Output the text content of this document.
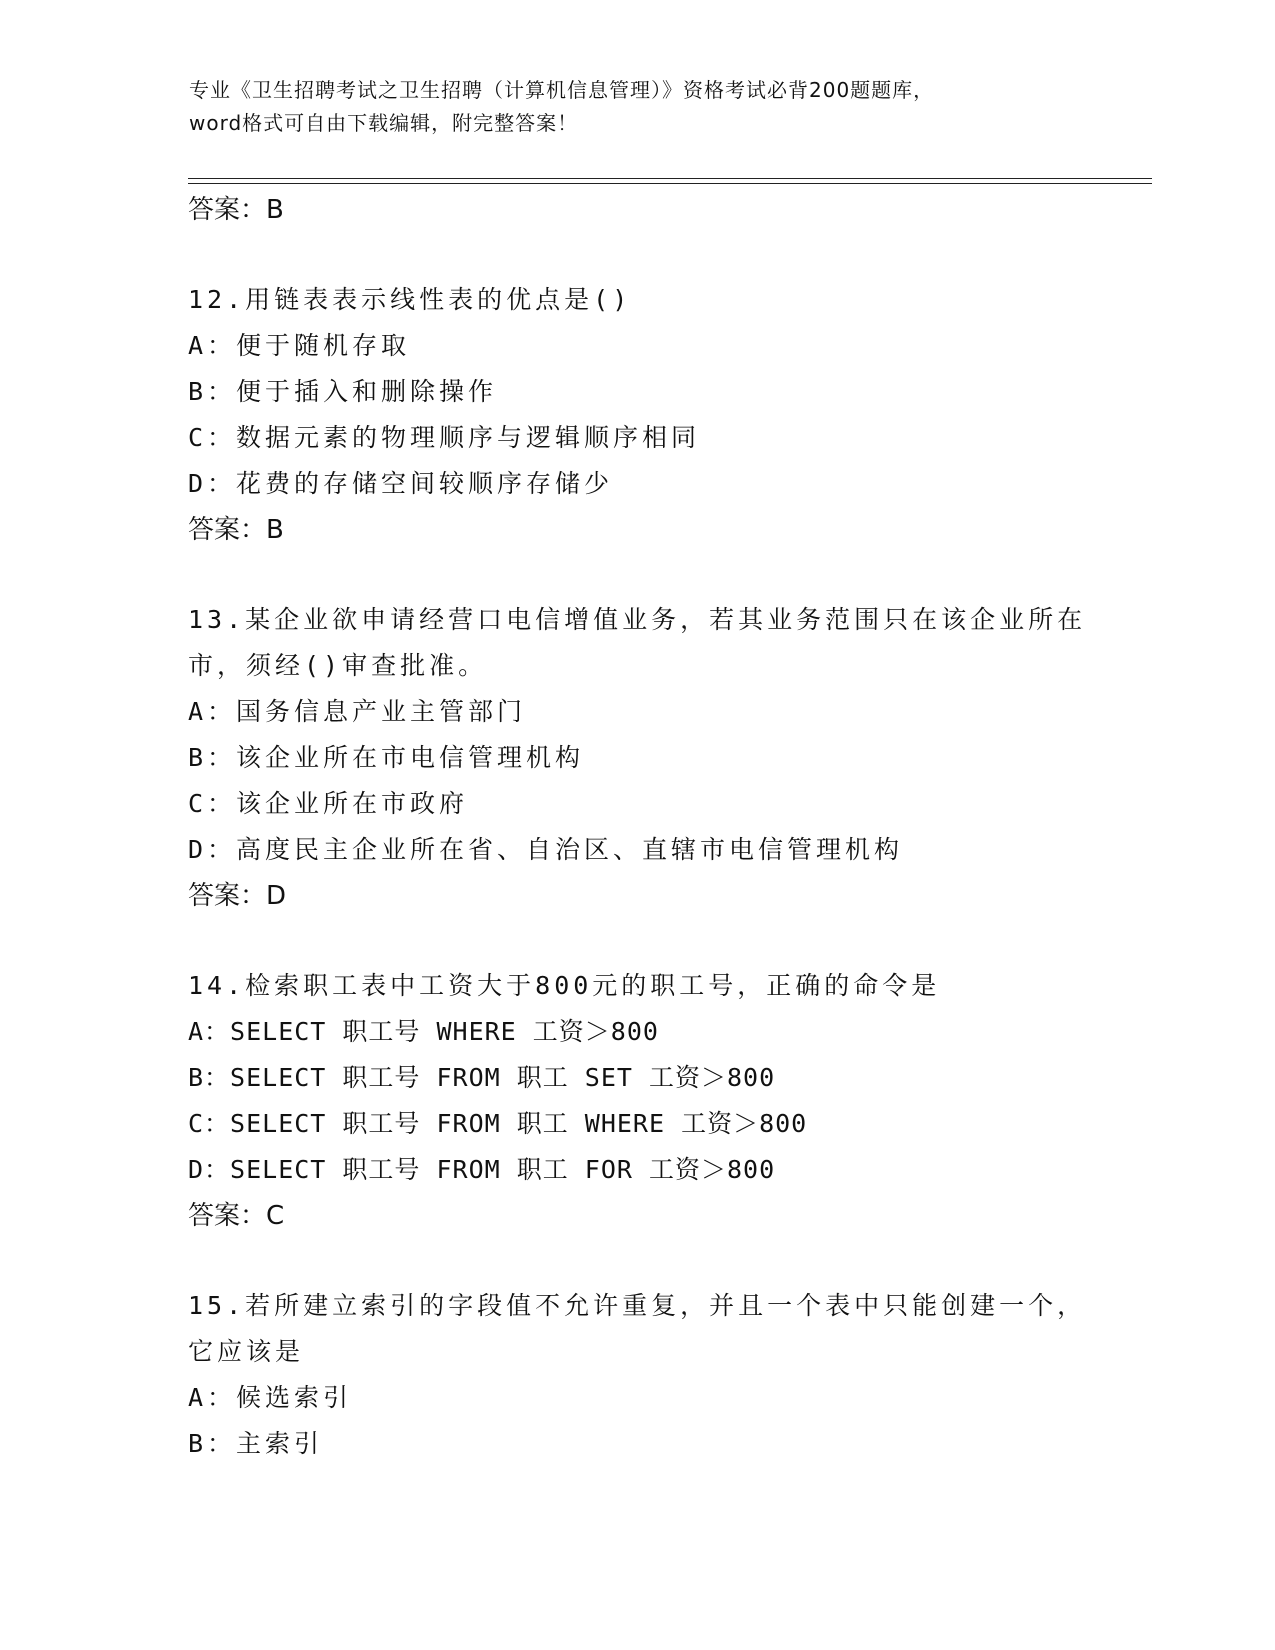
专业《卫生招聘考试之卫生招聘（计算机信息管理）》资格考试必背200题题库，
word格式可自由下载编辑，附完整答案！
答案：B
12.用链表表示线性表的优点是()
A：便于随机存取
B：便于插入和删除操作
C：数据元素的物理顺序与逻辑顺序相同
D：花费的存储空间较顺序存储少
答案：B
13.某企业欲申请经营口电信增值业务，若其业务范围只在该企业所在
市，须经()审查批准。
A：国务信息产业主管部门
B：该企业所在市电信管理机构
C：该企业所在市政府
D：高度民主企业所在省、自治区、直辖市电信管理机构
答案：D
14.检索职工表中工资大于800元的职工号，正确的命令是
A：SELECT 职工号 WHERE 工资＞800
B：SELECT 职工号 FROM 职工 SET 工资＞800
C：SELECT 职工号 FROM 职工 WHERE 工资＞800
D：SELECT 职工号 FROM 职工 FOR 工资＞800
答案：C
15.若所建立索引的字段值不允许重复，并且一个表中只能创建一个，
它应该是
A：候选索引
B：主索引
